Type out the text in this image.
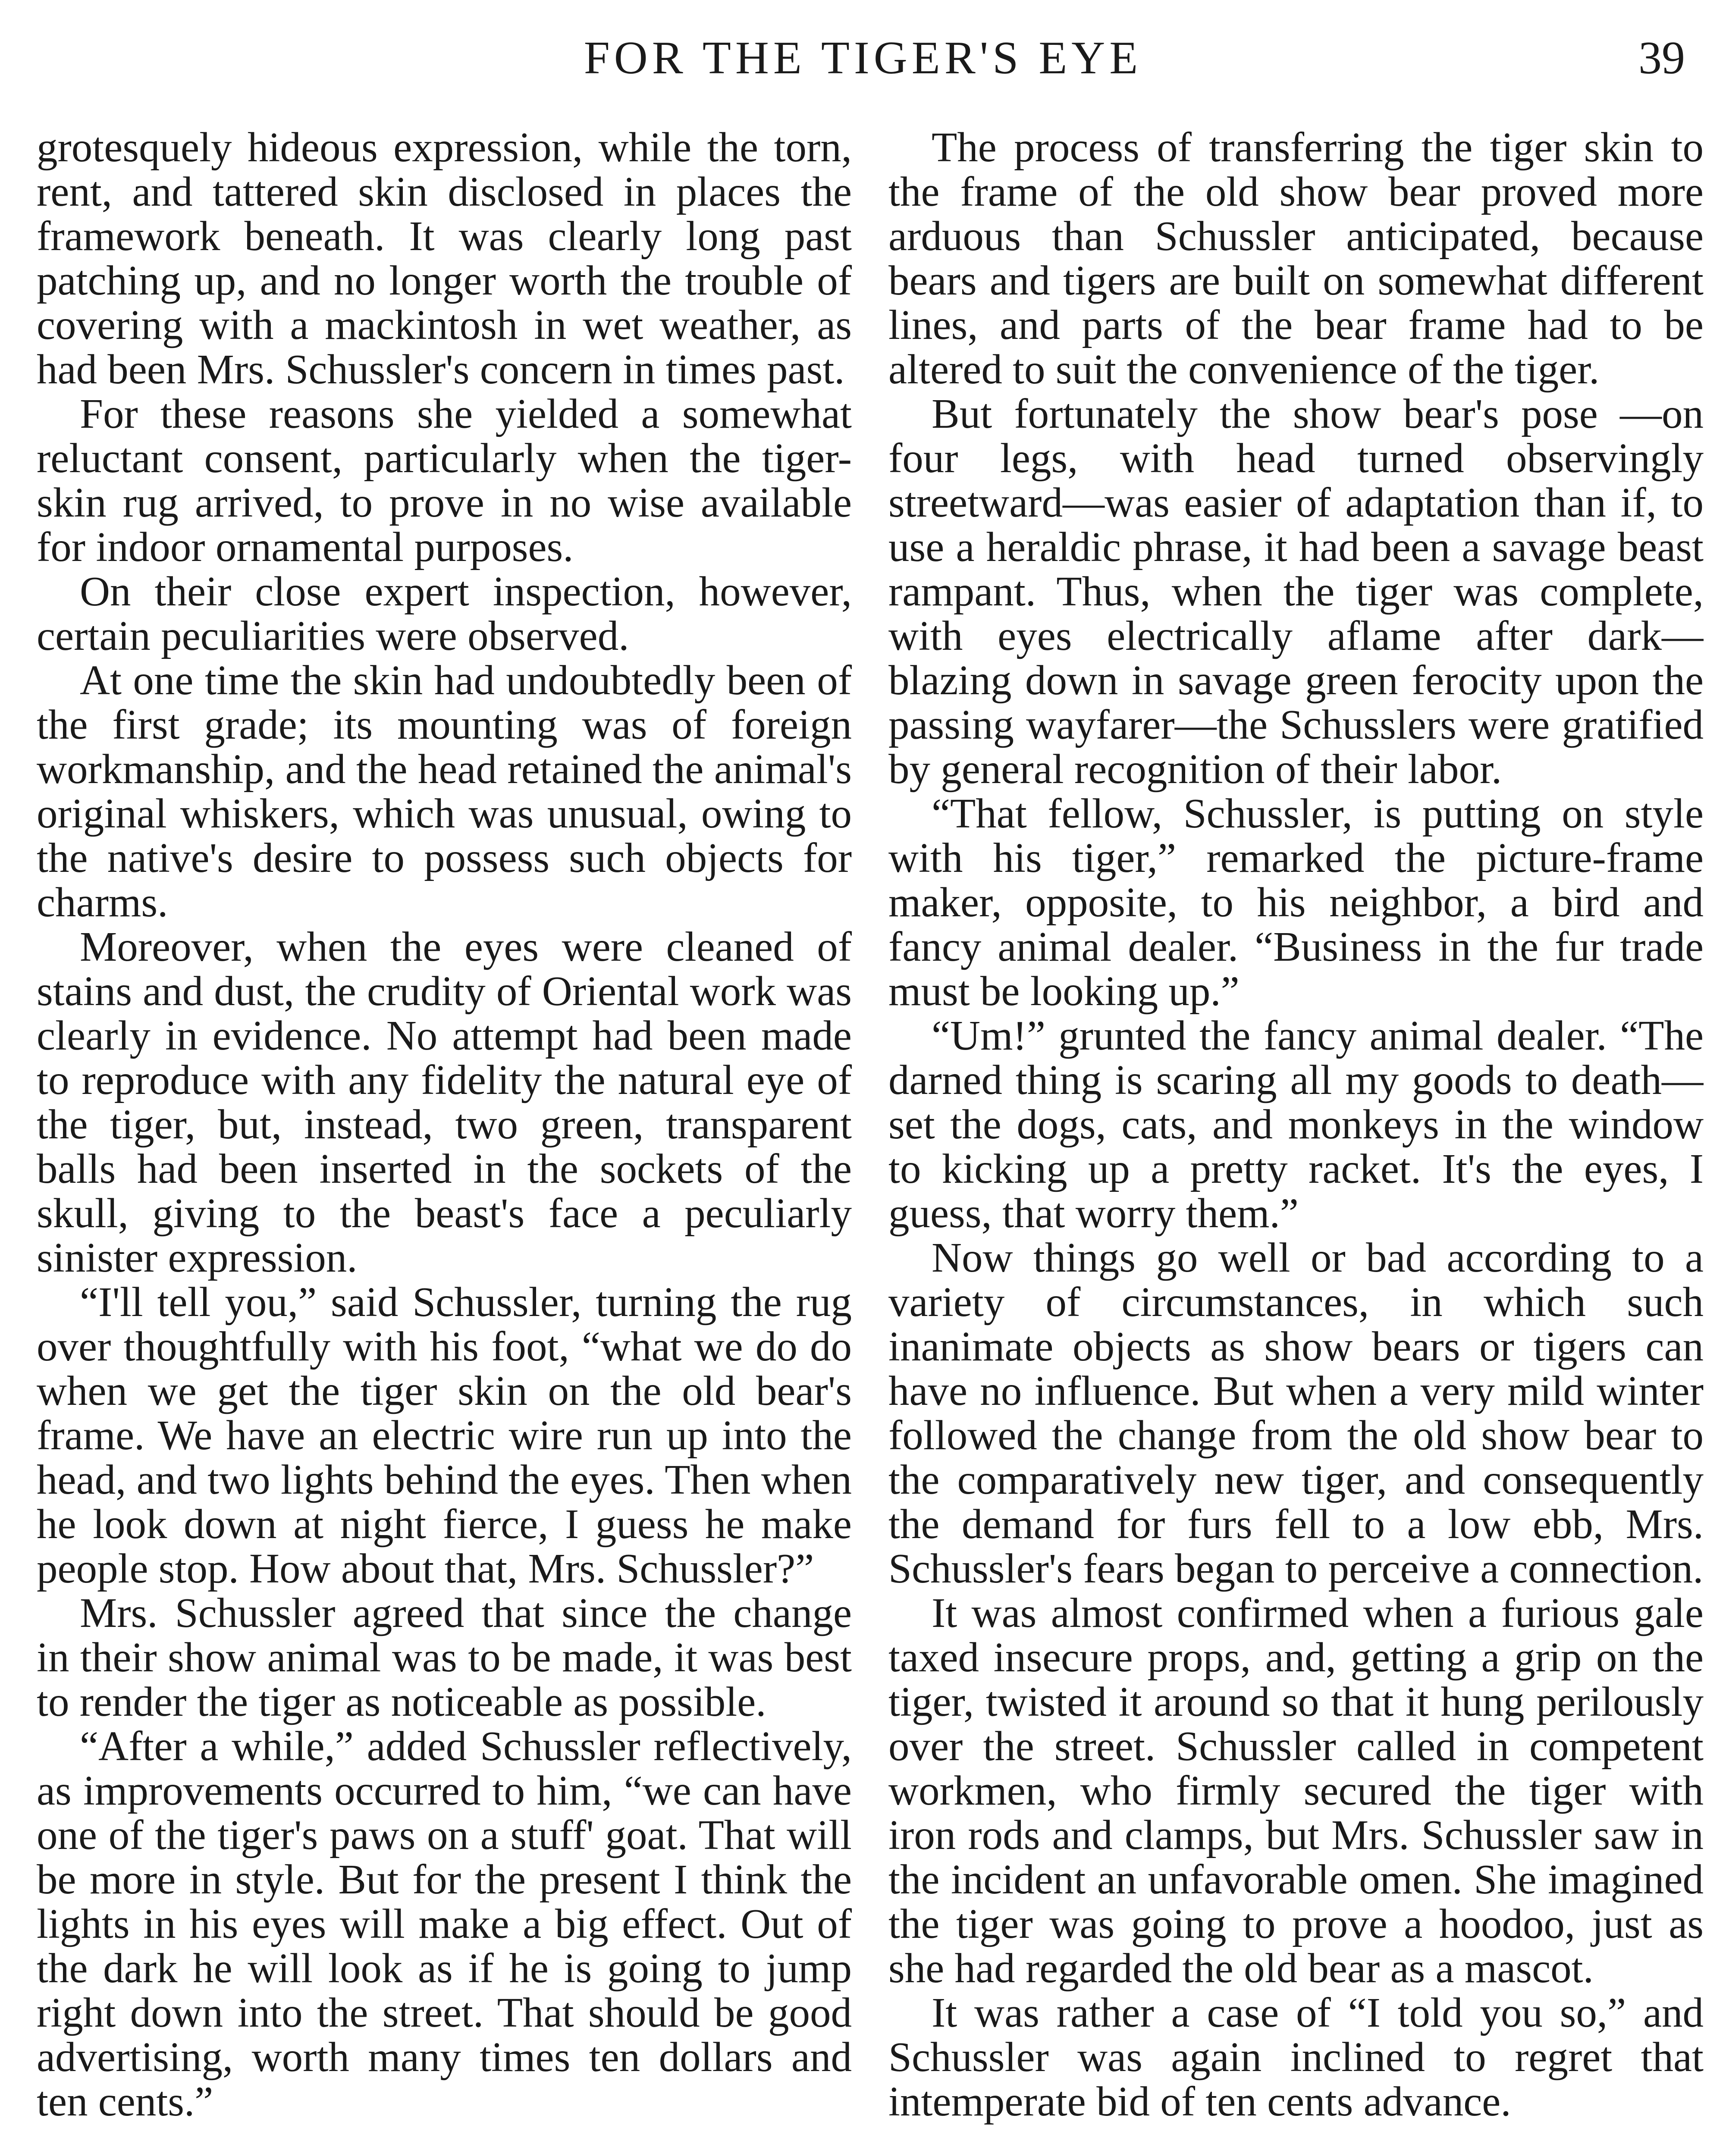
FOR THE TIGER'S EYE	39

grotesquely hideous expression, while the torn, rent, and tattered skin disclosed in places the framework beneath. It was clearly long past patching up, and no longer worth the trouble of covering with a mackintosh in wet weather, as had been Mrs. Schussler's concern in times past.

For these reasons she yielded a somewhat reluctant consent, particularly when the tiger-skin rug arrived, to prove in no wise available for indoor ornamental purposes.

On their close expert inspection, however, certain peculiarities were observed.

At one time the skin had undoubtedly been of the first grade; its mounting was of foreign workmanship, and the head retained the animal's original whiskers, which was unusual, owing to the native's desire to possess such objects for charms.

Moreover, when the eyes were cleaned of stains and dust, the crudity of Oriental work was clearly in evidence. No attempt had been made to reproduce with any fidelity the natural eye of the tiger, but, instead, two green, transparent balls had been inserted in the sockets of the skull, giving to the beast's face a peculiarly sinister expression.

“I'll tell you,” said Schussler, turning the rug over thoughtfully with his foot, “what we do do when we get the tiger skin on the old bear's frame. We have an electric wire run up into the head, and two lights behind the eyes. Then when he look down at night fierce, I guess he make people stop. How about that, Mrs. Schussler?”

Mrs. Schussler agreed that since the change in their show animal was to be made, it was best to render the tiger as noticeable as possible.

“After a while,” added Schussler reflectively, as improvements occurred to him, “we can have one of the tiger's paws on a stuff' goat. That will be more in style. But for the present I think the lights in his eyes will make a big effect. Out of the dark he will look as if he is going to jump right down into the street. That should be good advertising, worth many times ten dollars and ten cents.”

The process of transferring the tiger skin to the frame of the old show bear proved more arduous than Schussler anticipated, because bears and tigers are built on somewhat different lines, and parts of the bear frame had to be altered to suit the convenience of the tiger.

But fortunately the show bear's pose —on four legs, with head turned observingly streetward—was easier of adaptation than if, to use a heraldic phrase, it had been a savage beast rampant. Thus, when the tiger was complete, with eyes electrically aflame after dark—blazing down in savage green ferocity upon the passing wayfarer—the Schusslers were gratified by general recognition of their labor.

“That fellow, Schussler, is putting on style with his tiger,” remarked the picture-frame maker, opposite, to his neighbor, a bird and fancy animal dealer. “Business in the fur trade must be looking up.”

“Um!” grunted the fancy animal dealer. “The darned thing is scaring all my goods to death—set the dogs, cats, and monkeys in the window to kicking up a pretty racket. It's the eyes, I guess, that worry them.”

Now things go well or bad according to a variety of circumstances, in which such inanimate objects as show bears or tigers can have no influence. But when a very mild winter followed the change from the old show bear to the comparatively new tiger, and consequently the demand for furs fell to a low ebb, Mrs. Schussler's fears began to perceive a connection.

It was almost confirmed when a furious gale taxed insecure props, and, getting a grip on the tiger, twisted it around so that it hung perilously over the street. Schussler called in competent workmen, who firmly secured the tiger with iron rods and clamps, but Mrs. Schussler saw in the incident an unfavorable omen. She imagined the tiger was going to prove a hoodoo, just as she had regarded the old bear as a mascot.

It was rather a case of “I told you so,” and Schussler was again inclined to regret that intemperate bid of ten cents advance.
